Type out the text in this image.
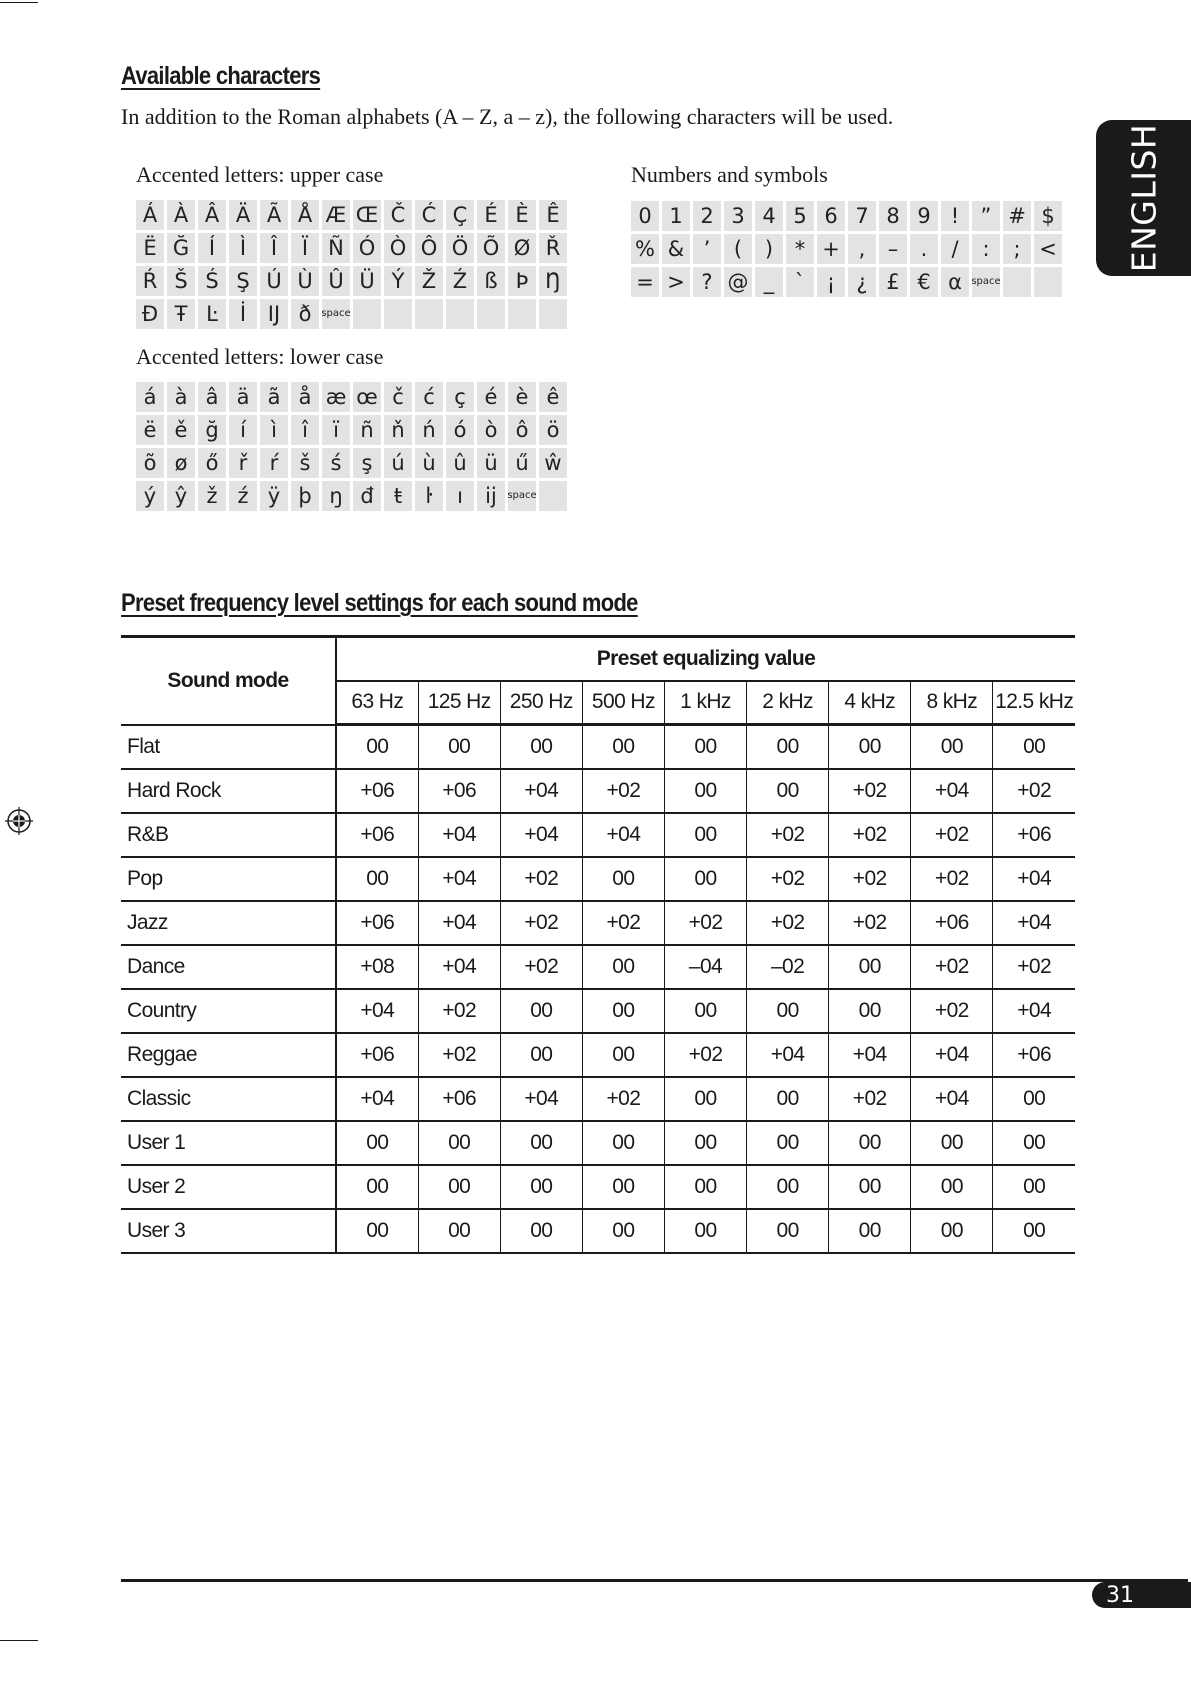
ENGLISH
Available characters
In addition to the Roman alphabets (A – Z, a – z), the following characters will be used.
Accented letters: upper case
Á À Â Ä Ã Å Æ Œ Č Ć Ç É È Ê
Ë Ğ Í	Ì	Î	Ï Ñ Ó Ò Ô Ö Õ Ø Ř
Ŕ Š Ś Ş Ú Ù Û Ü Ý Ž Ź ß Þ Ŋ
Đ Ŧ Ŀ	İ	Ĳ ð space
Accented letters: lower case
á à â ä ã å æ œ č ć ç é è ê
ë ě ğ	í	ì	î	ï	ñ ň ń ó ò ô ö
õ ø ő ř	ŕ	š ś ş ú ù û ü ű ŵ
ý ŷ ž ź ÿ þ ŋ đ ŧ	ŀ	ı	ĳ	space
Numbers and symbols
0 1 2 3 4 5 6 7 8 9 !	” # $
% & ’	(	)	* + ,	–	.	/	:	; <
= > ? @ _ `	¡	¿ £ € α space
Preset frequency level settings for each sound mode
Sound mode	Preset equalizing value								
	63 Hz	125 Hz	250 Hz	500 Hz	1 kHz	2 kHz	4 kHz	8 kHz	12.5 kHz
Flat	00	00	00	00	00	00	00	00	00
Hard Rock	+06	+06	+04	+02	00	00	+02	+04	+02
R&B	+06	+04	+04	+04	00	+02	+02	+02	+06
Pop	00	+04	+02	00	00	+02	+02	+02	+04
Jazz	+06	+04	+02	+02	+02	+02	+02	+06	+04
Dance	+08	+04	+02	00	–04	–02	00	+02	+02
Country	+04	+02	00	00	00	00	00	+02	+04
Reggae	+06	+02	00	00	+02	+04	+04	+04	+06
Classic	+04	+06	+04	+02	00	00	+02	+04	00
User 1	00	00	00	00	00	00	00	00	00
User 2	00	00	00	00	00	00	00	00	00
User 3	00	00	00	00	00	00	00	00	00
31
